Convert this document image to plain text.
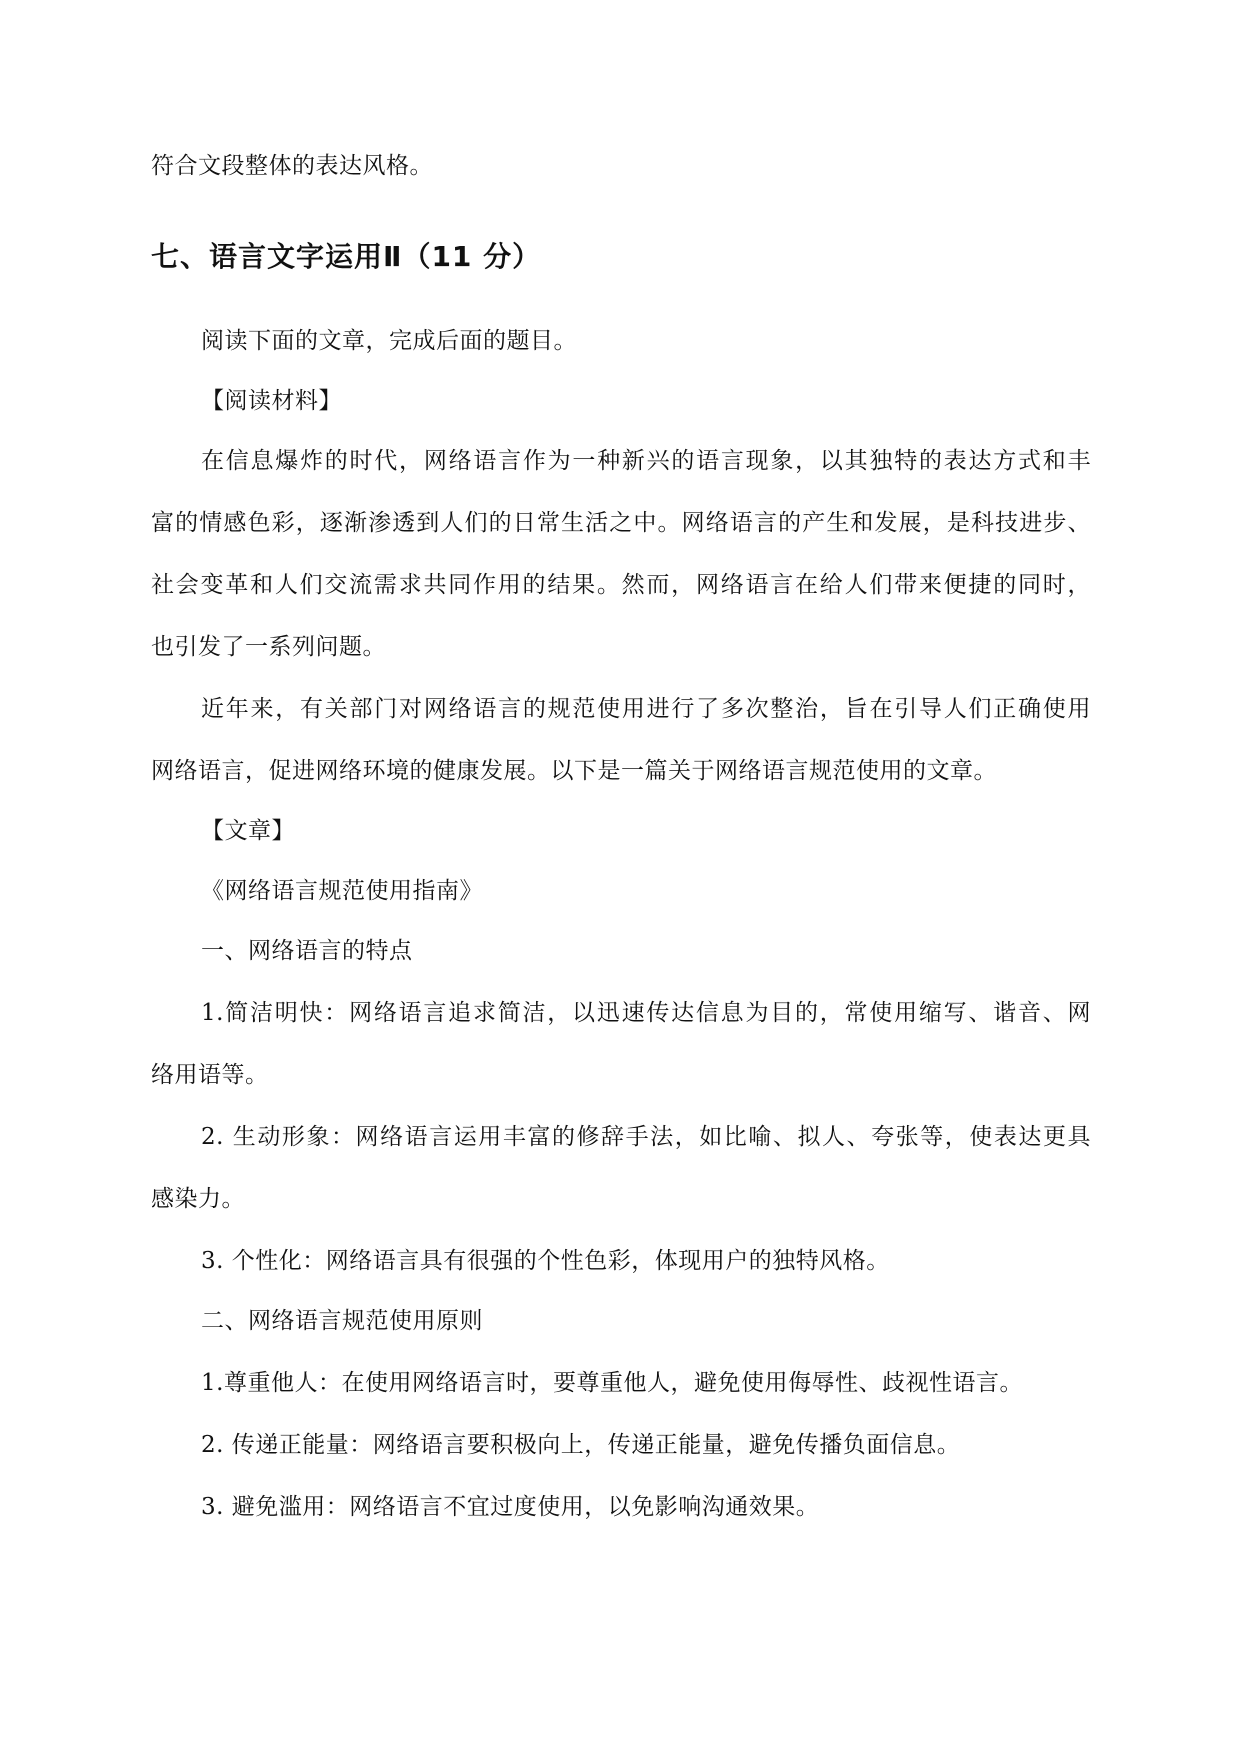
符合文段整体的表达风格。
七、语言文字运用Ⅱ（11 分）
阅读下面的文章，完成后面的题目。
【阅读材料】
在信息爆炸的时代，网络语言作为一种新兴的语言现象，以其独特的表达方式和丰
富的情感色彩，逐渐渗透到人们的日常生活之中。网络语言的产生和发展，是科技进步、
社会变革和人们交流需求共同作用的结果。然而，网络语言在给人们带来便捷的同时，
也引发了一系列问题。
近年来，有关部门对网络语言的规范使用进行了多次整治，旨在引导人们正确使用
网络语言，促进网络环境的健康发展。以下是一篇关于网络语言规范使用的文章。
【文章】
《网络语言规范使用指南》
一、网络语言的特点
1.简洁明快：网络语言追求简洁，以迅速传达信息为目的，常使用缩写、谐音、网
络用语等。
2. 生动形象：网络语言运用丰富的修辞手法，如比喻、拟人、夸张等，使表达更具
感染力。
3. 个性化：网络语言具有很强的个性色彩，体现用户的独特风格。
二、网络语言规范使用原则
1.尊重他人：在使用网络语言时，要尊重他人，避免使用侮辱性、歧视性语言。
2. 传递正能量：网络语言要积极向上，传递正能量，避免传播负面信息。
3. 避免滥用：网络语言不宜过度使用，以免影响沟通效果。
